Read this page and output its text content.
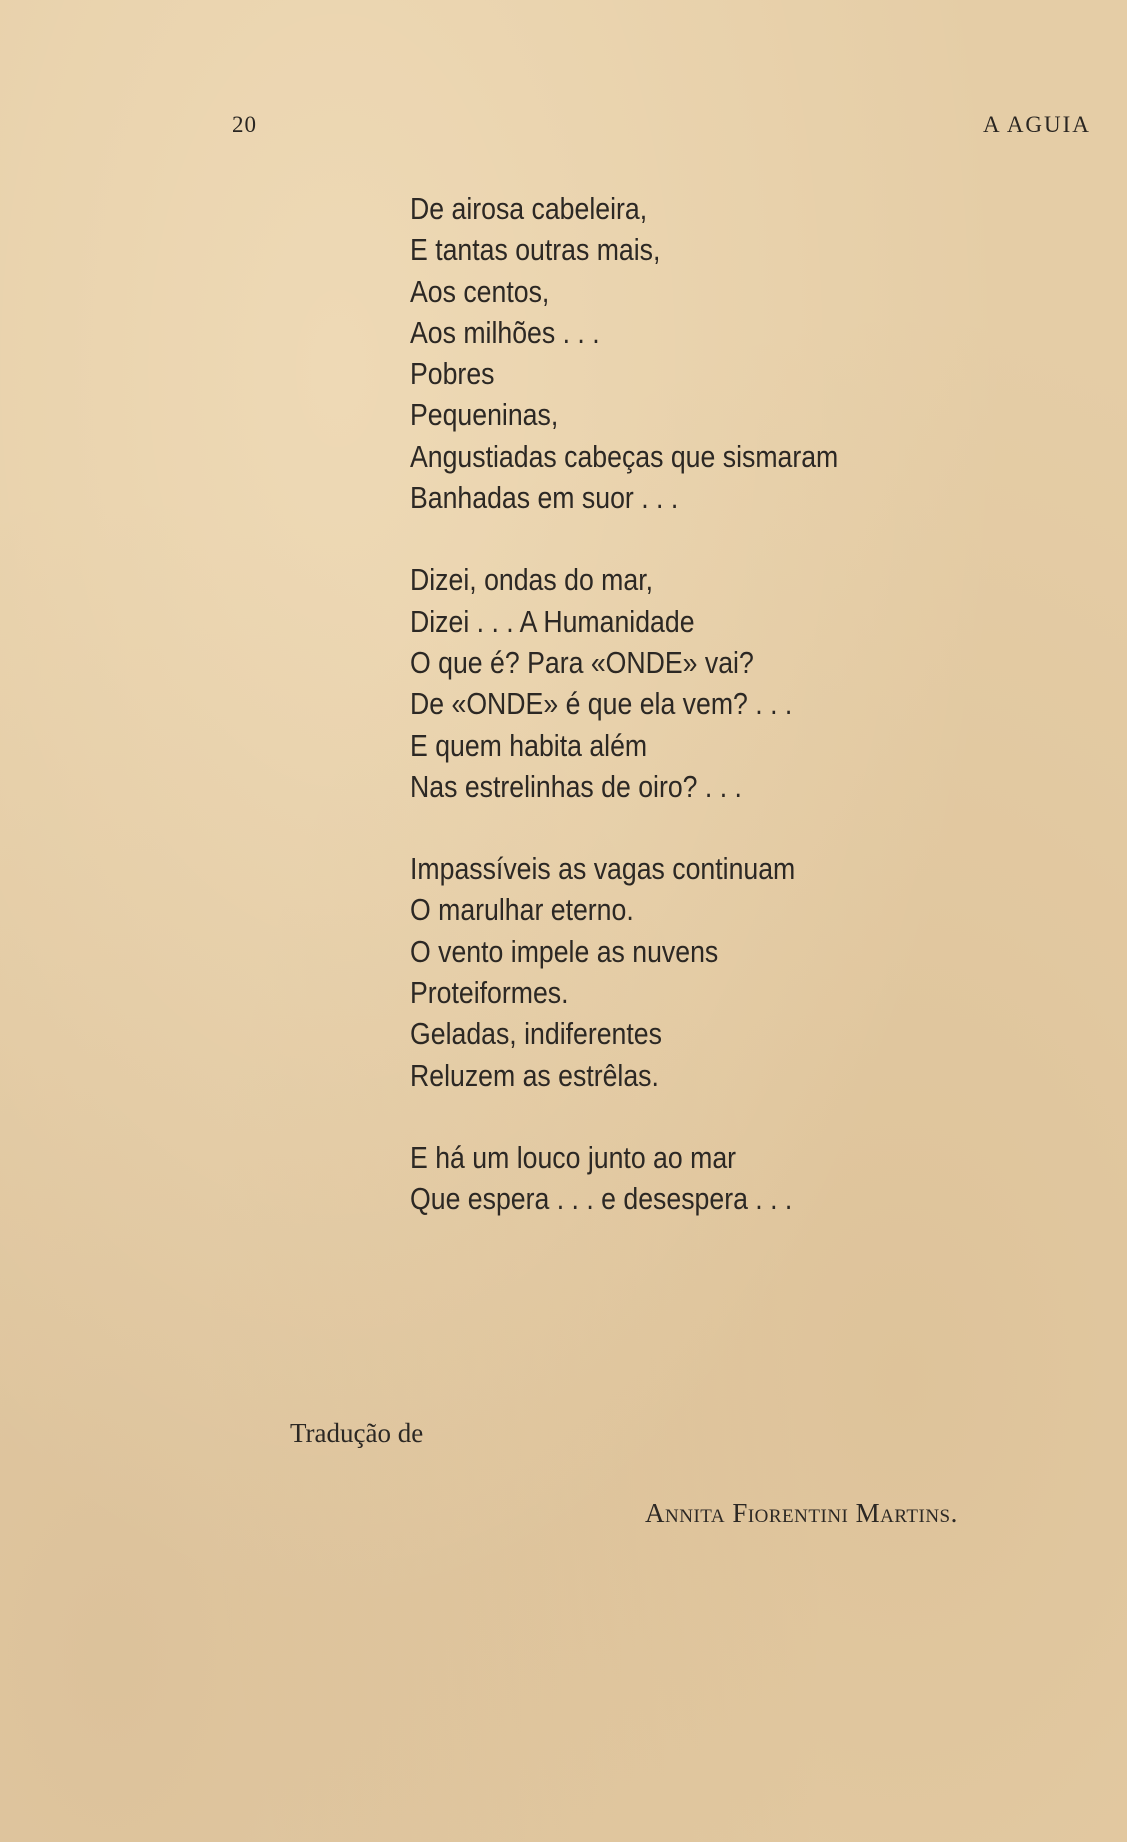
20	A AGUIA
De airosa cabeleira,
E tantas outras mais,
Aos centos,
Aos milhões . . .
Pobres
Pequeninas,
Angustiadas cabeças que sismaram
Banhadas em suor . . .
Dizei, ondas do mar,
Dizei . . . A Humanidade
O que é? Para «ONDE» vai?
De «ONDE» é que ela vem? . . .
E quem habita além
Nas estrelinhas de oiro? . . .
Impassíveis as vagas continuam
O marulhar eterno.
O vento impele as nuvens
Proteiformes.
Geladas, indiferentes
Reluzem as estrêlas.
E há um louco junto ao mar
Que espera . . . e desespera . . .
Tradução de
Annita Fiorentini Martins.
